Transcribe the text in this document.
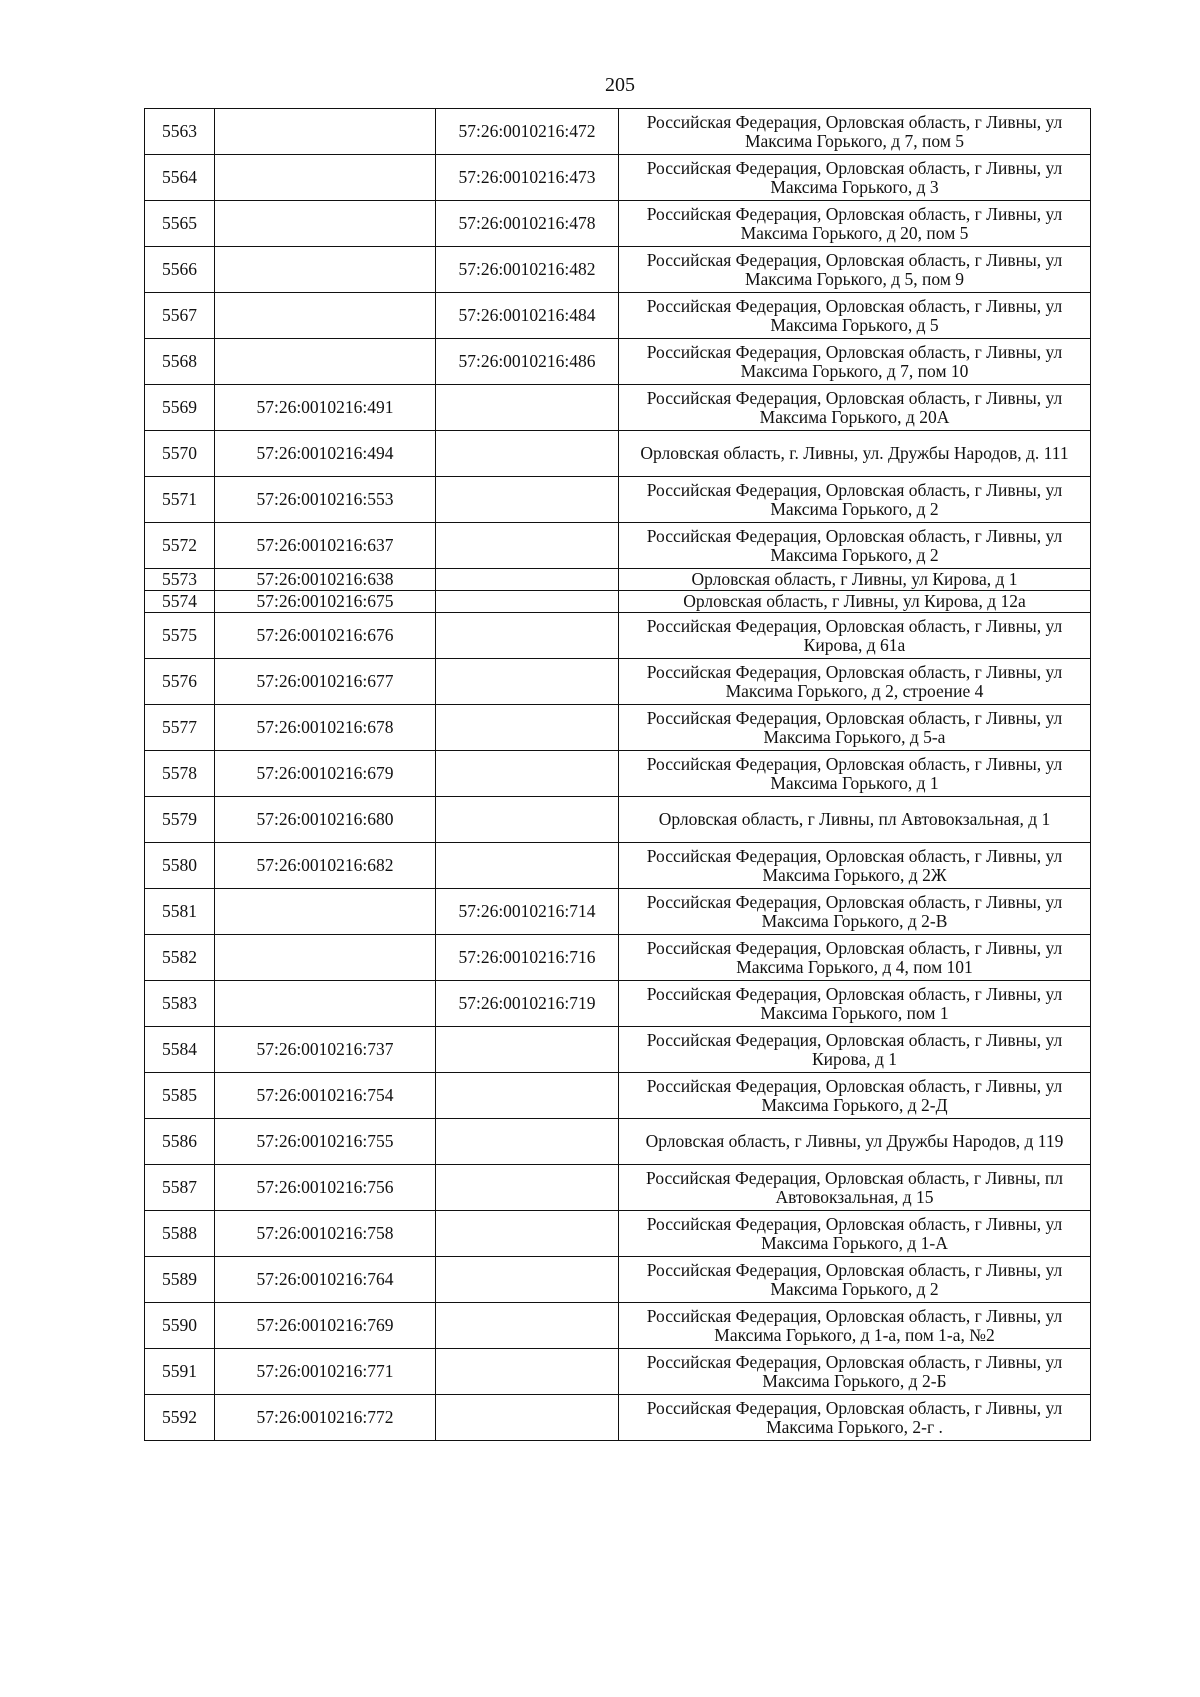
205
5563		57:26:0010216:472	Российская Федерация, Орловская область, г Ливны, ул Максима Горького, д 7, пом 5
5564		57:26:0010216:473	Российская Федерация, Орловская область, г Ливны, ул Максима Горького, д 3
5565		57:26:0010216:478	Российская Федерация, Орловская область, г Ливны, ул Максима Горького, д 20, пом 5
5566		57:26:0010216:482	Российская Федерация, Орловская область, г Ливны, ул Максима Горького, д 5, пом 9
5567		57:26:0010216:484	Российская Федерация, Орловская область, г Ливны, ул Максима Горького, д 5
5568		57:26:0010216:486	Российская Федерация, Орловская область, г Ливны, ул Максима Горького, д 7, пом 10
5569	57:26:0010216:491		Российская Федерация, Орловская область, г Ливны, ул Максима Горького, д 20А
5570	57:26:0010216:494		Орловская область, г. Ливны, ул. Дружбы Народов, д. 111
5571	57:26:0010216:553		Российская Федерация, Орловская область, г Ливны, ул Максима Горького, д 2
5572	57:26:0010216:637		Российская Федерация, Орловская область, г Ливны, ул Максима Горького, д 2
5573	57:26:0010216:638		Орловская область, г Ливны, ул Кирова, д 1
5574	57:26:0010216:675		Орловская область, г Ливны, ул Кирова, д 12а
5575	57:26:0010216:676		Российская Федерация, Орловская область, г Ливны, ул Кирова, д 61а
5576	57:26:0010216:677		Российская Федерация, Орловская область, г Ливны, ул Максима Горького, д 2, строение 4
5577	57:26:0010216:678		Российская Федерация, Орловская область, г Ливны, ул Максима Горького, д 5-а
5578	57:26:0010216:679		Российская Федерация, Орловская область, г Ливны, ул Максима Горького, д 1
5579	57:26:0010216:680		Орловская область, г Ливны, пл Автовокзальная, д 1
5580	57:26:0010216:682		Российская Федерация, Орловская область, г Ливны, ул Максима Горького, д 2Ж
5581		57:26:0010216:714	Российская Федерация, Орловская область, г Ливны, ул Максима Горького, д 2-В
5582		57:26:0010216:716	Российская Федерация, Орловская область, г Ливны, ул Максима Горького, д 4, пом 101
5583		57:26:0010216:719	Российская Федерация, Орловская область, г Ливны, ул Максима Горького, пом 1
5584	57:26:0010216:737		Российская Федерация, Орловская область, г Ливны, ул Кирова, д 1
5585	57:26:0010216:754		Российская Федерация, Орловская область, г Ливны, ул Максима Горького, д 2-Д
5586	57:26:0010216:755		Орловская область, г Ливны, ул Дружбы Народов, д 119
5587	57:26:0010216:756		Российская Федерация, Орловская область, г Ливны, пл Автовокзальная, д 15
5588	57:26:0010216:758		Российская Федерация, Орловская область, г Ливны, ул Максима Горького, д 1-А
5589	57:26:0010216:764		Российская Федерация, Орловская область, г Ливны, ул Максима Горького, д 2
5590	57:26:0010216:769		Российская Федерация, Орловская область, г Ливны, ул Максима Горького, д 1-а, пом 1-а, №2
5591	57:26:0010216:771		Российская Федерация, Орловская область, г Ливны, ул Максима Горького, д 2-Б
5592	57:26:0010216:772		Российская Федерация, Орловская область, г Ливны, ул Максима Горького, 2-г .
